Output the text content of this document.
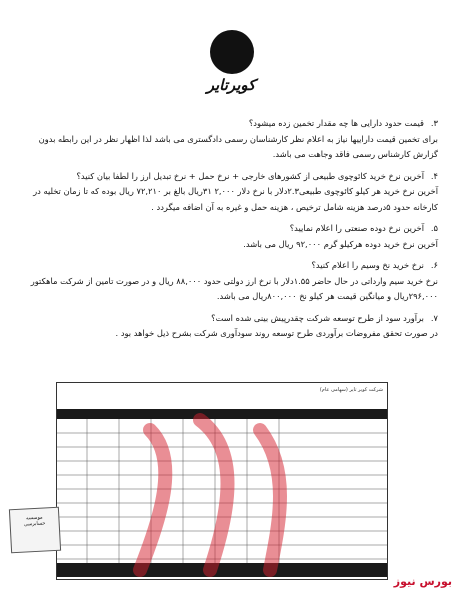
کویرتایر
۳.
قیمت حدود دارایی ها چه مقدار تخمین زده میشود؟
برای تخمین قیمت داراییها نیاز به اعلام نظر کارشناسان رسمی دادگستری می باشد لذا اظهار نظر در این رابطه بدون گزارش کارشناس رسمی فاقد وجاهت می باشد.
۴.
آخرین نرخ خرید کائوچوی طبیعی از کشورهای خارجی + نرخ حمل + نرخ تبدیل ارز را لطفا بیان کنید؟
آخرین نرخ خرید هر کیلو کائوچوی طبیعی۲.۳دلار با نرخ دلار ۲,۰۰۰ ۳۱ریال بالغ بر ۷۲,۲۱۰ ریال بوده که تا زمان تخلیه در کارخانه حدود ۵درصد هزینه شامل ترخیص ، هزینه حمل و غیره به آن اضافه میگردد .
۵.
آخرین نرخ دوده صنعتی را اعلام نمایید؟
آخرین نرخ خرید دوده هرکیلو گرم ۹۲,۰۰۰ ریال می باشد.
۶.
نرخ خرید نخ وسیم را اعلام کنید؟
نرخ خرید سیم وارداتی در حال حاضر ۱.۵۵دلار با نرخ ارز دولتی حدود ۸۸,۰۰۰ ریال و در صورت تامین از شرکت ماهکتور ۲۹۶,۰۰۰ریال و میانگین قیمت هر کیلو نخ ۸۰۰,۰۰۰ریال می باشد.
۷.
برآورد سود از طرح توسعه شرکت چقدرپیش بینی شده است؟
در صورت تحقق مفروضات برآوردی طرح توسعه روند سودآوری شرکت بشرح ذیل خواهد بود .
شرکت کویر تایر (سهامی عام)
موسسه
حسابرسی
بورس نیوز
